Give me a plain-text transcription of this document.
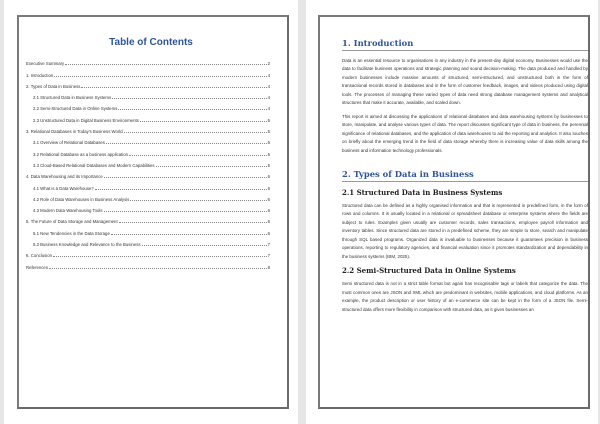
Table of Contents
Executive Summary	2
1. Introduction	4
2. Types of Data in Business	4
2.1 Structured Data in Business Systems	4
2.2 Semi-Structured Data in Online Systems	4
2.3 Unstructured Data in Digital Business Environments	5
3. Relational Databases in Today's Business World	5
3.1 Overview of Relational Databases	5
3.2 Relational Database as a business application	5
3.3 Cloud-Based Relational Databases and Modern Capabilities	5
4. Data Warehousing and its Importance	6
4.1 What is a Data Warehouse?	6
4.2 Role of Data Warehouses in Business Analysis	6
4.3 Modern Data Warehousing Tools	6
5. The Future of Data Storage and Management	6
5.1 New Tendencies in the Data Storage	6
5.2 Business Knowledge and Relevance to the Business	7
6. Conclusion	7
References	8
1. Introduction

Data is an essential resource to organisations in any industry in the present-day digital economy. Businesses would use the data to facilitate business operations and strategic planning and sound decision-making. The data produced and handled by modern businesses include massive amounts of structured, semi-structured, and unstructured both in the form of transactional records stored in databases and in the form of customer feedback, images, and videos produced using digital tools. The processes of managing these varied types of data need strong database management systems and analytical structures that make it accurate, available, and scaled down.

This report is aimed at discussing the applications of relational databases and data warehousing systems by businesses to store, manipulate, and analyse various types of data. The report discusses significant type of data in business, the perennial significance of relational databases, and the application of data warehouses to aid the reporting and analytics. It also touches on briefly about the emerging trend in the field of data storage whereby there is increasing value of data skills among the business and information technology professionals.

2. Types of Data in Business
2.1 Structured Data in Business Systems

Structured data can be defined as a highly organised information and that is represented in predefined form, in the form of rows and columns. It is usually located in a relational or spreadsheet database or enterprise systems where the fields are subject to rules. Examples given usually are customer records, sales transactions, employee payroll information and inventory tables. Since structured data are stored in a predefined scheme, they are simple to store, search and manipulate through SQL based programs. Organized data is invaluable to businesses because it guarantees precision in business operations, reporting to regulatory agencies, and financial evaluation since it promotes standardization and dependability in the business systems (IBM, 2025).

2.2 Semi-Structured Data in Online Systems

Semi structured data is not in a strict table format but again has recognisable tags or labels that categorize the data. The most common ones are JSON and XML which are predominant in websites, mobile applications, and cloud platforms. As an example, the product description or user history of an e-commerce site can be kept in the form of a JSON file. Semi-structured data offers more flexibility in comparison with structured data, as it gives businesses an
